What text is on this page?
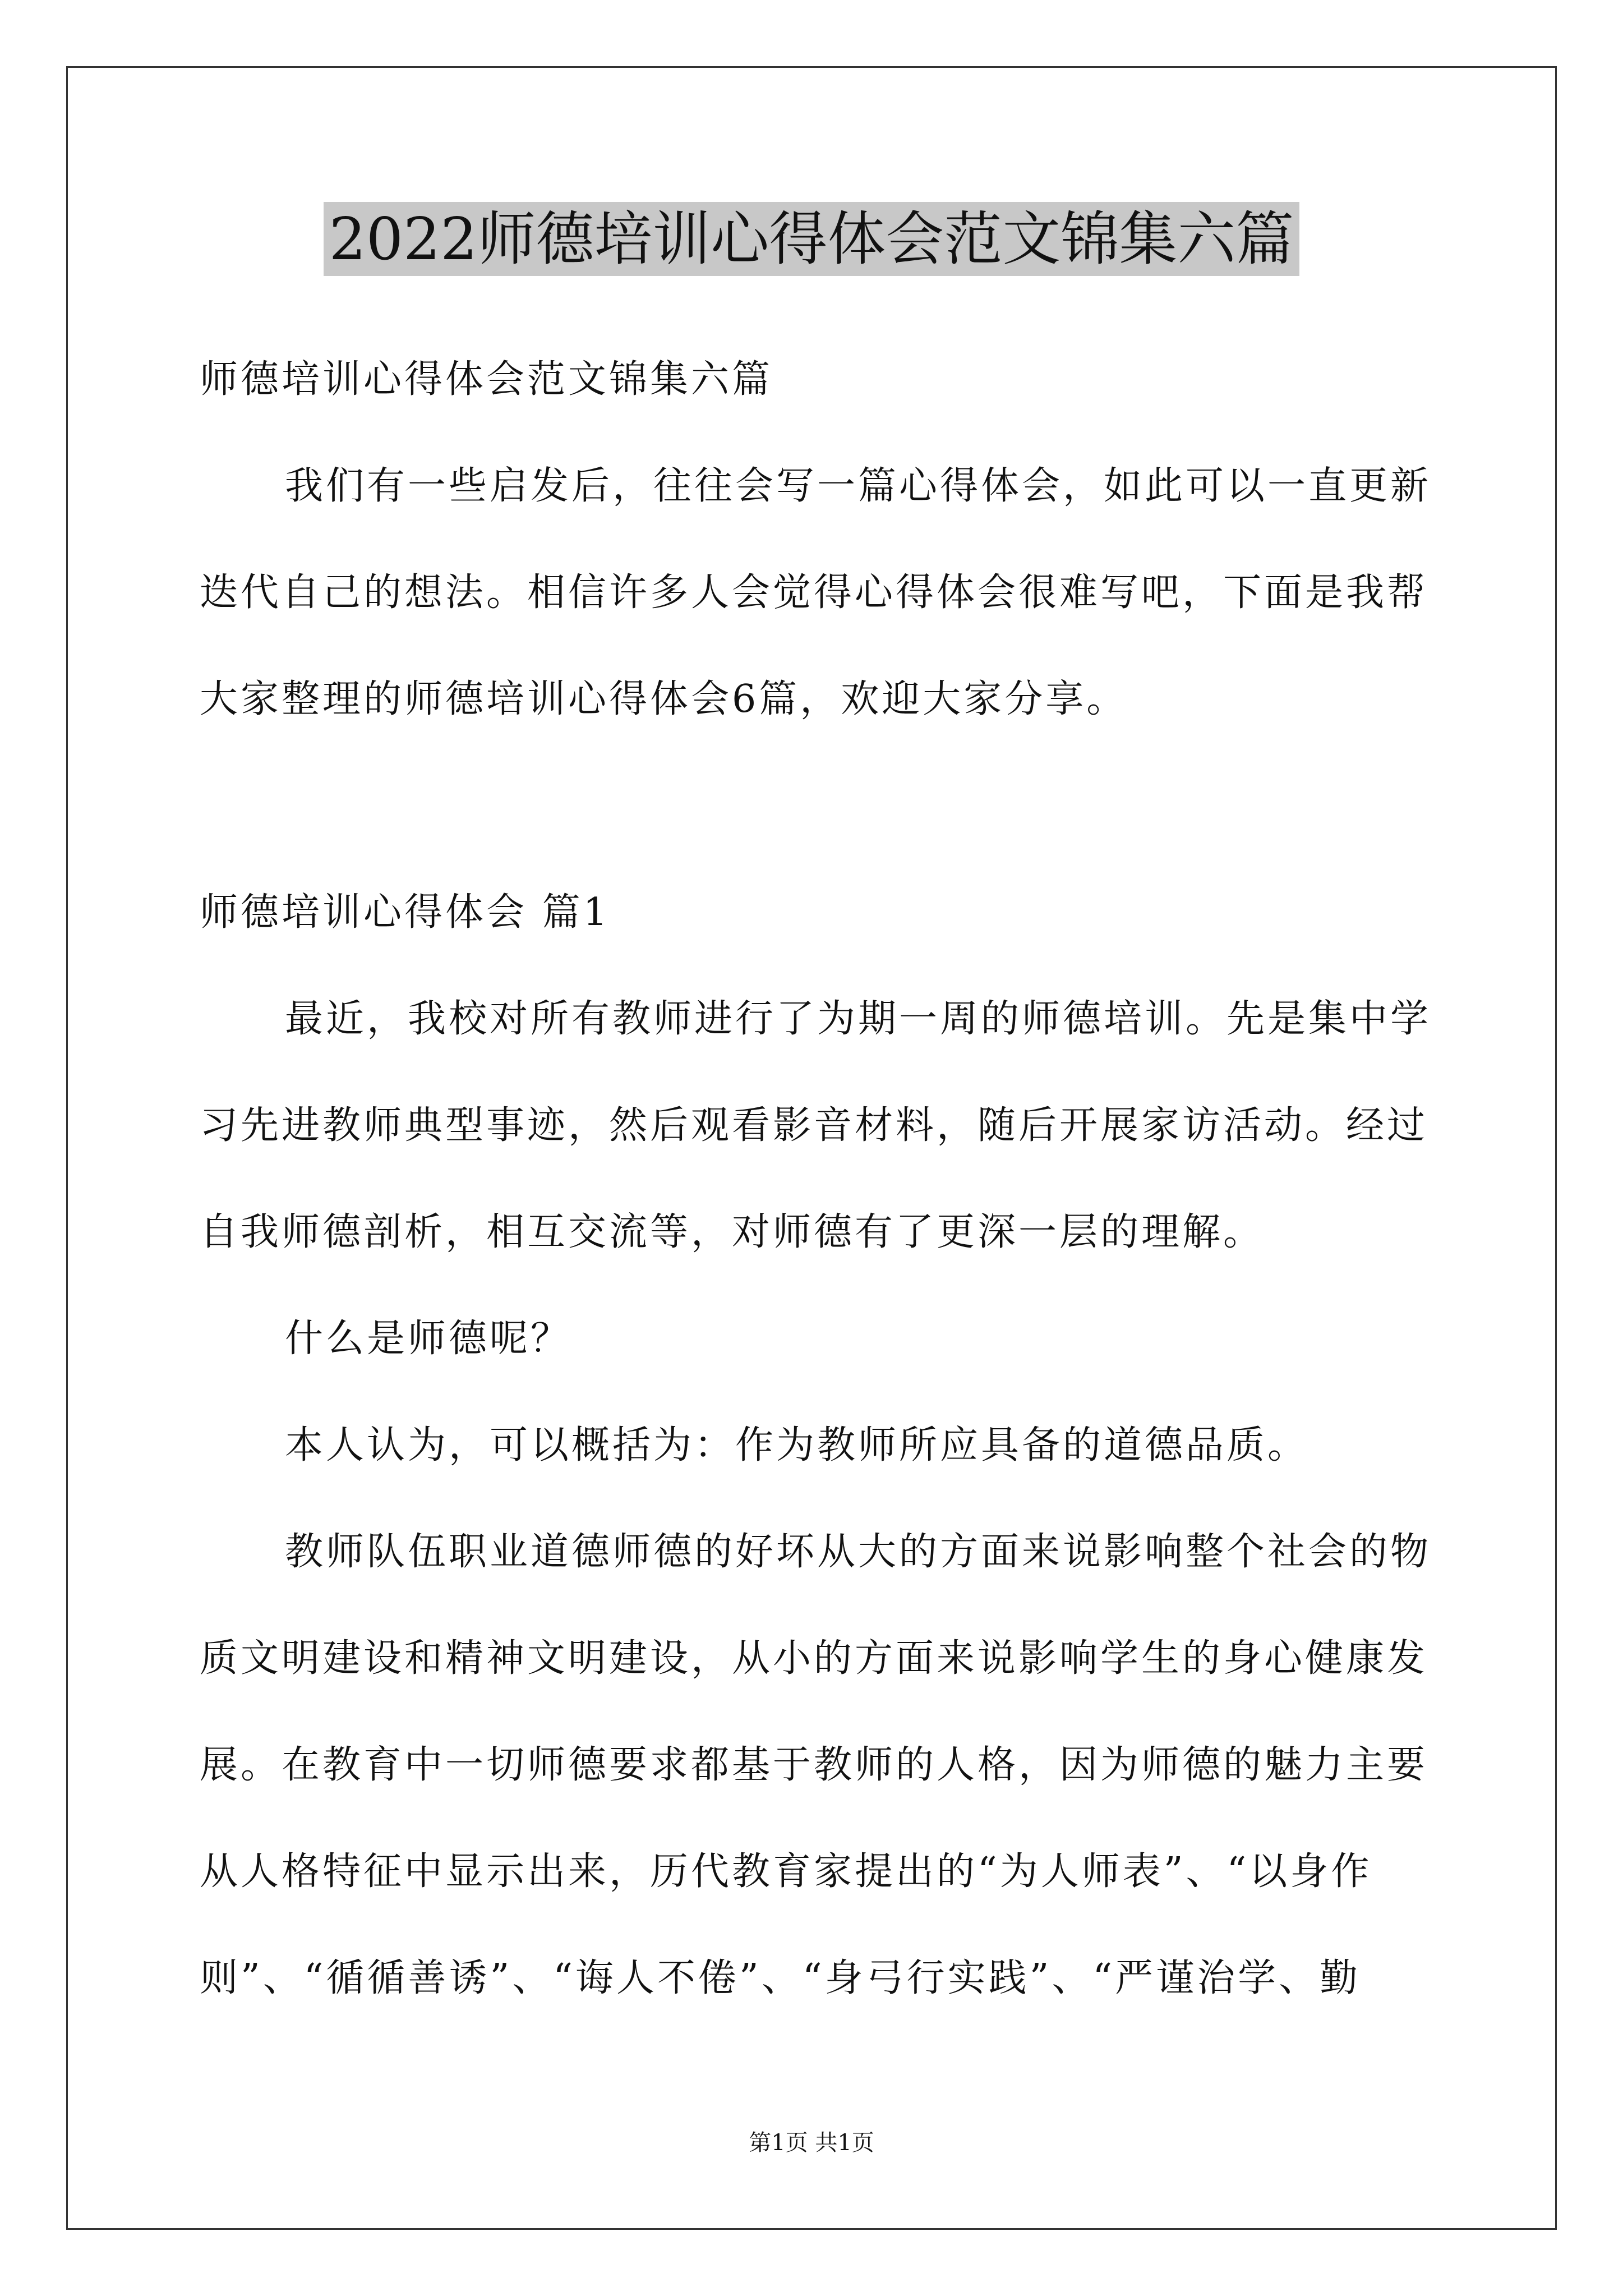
2022师德培训心得体会范文锦集六篇
师德培训心得体会范文锦集六篇
我们有一些启发后，往往会写一篇心得体会，如此可以一直更新
迭代自己的想法。相信许多人会觉得心得体会很难写吧，下面是我帮
大家整理的师德培训心得体会6篇，欢迎大家分享。
师德培训心得体会 篇1
最近，我校对所有教师进行了为期一周的师德培训。先是集中学
习先进教师典型事迹，然后观看影音材料，随后开展家访活动。经过
自我师德剖析，相互交流等，对师德有了更深一层的理解。
什么是师德呢？
本人认为，可以概括为：作为教师所应具备的道德品质。
教师队伍职业道德师德的好坏从大的方面来说影响整个社会的物
质文明建设和精神文明建设，从小的方面来说影响学生的身心健康发
展。在教育中一切师德要求都基于教师的人格，因为师德的魅力主要
从人格特征中显示出来，历代教育家提出的“为人师表”、“以身作
则”、“循循善诱”、“诲人不倦”、“身弓行实践”、“严谨治学、勤
第1页 共1页
